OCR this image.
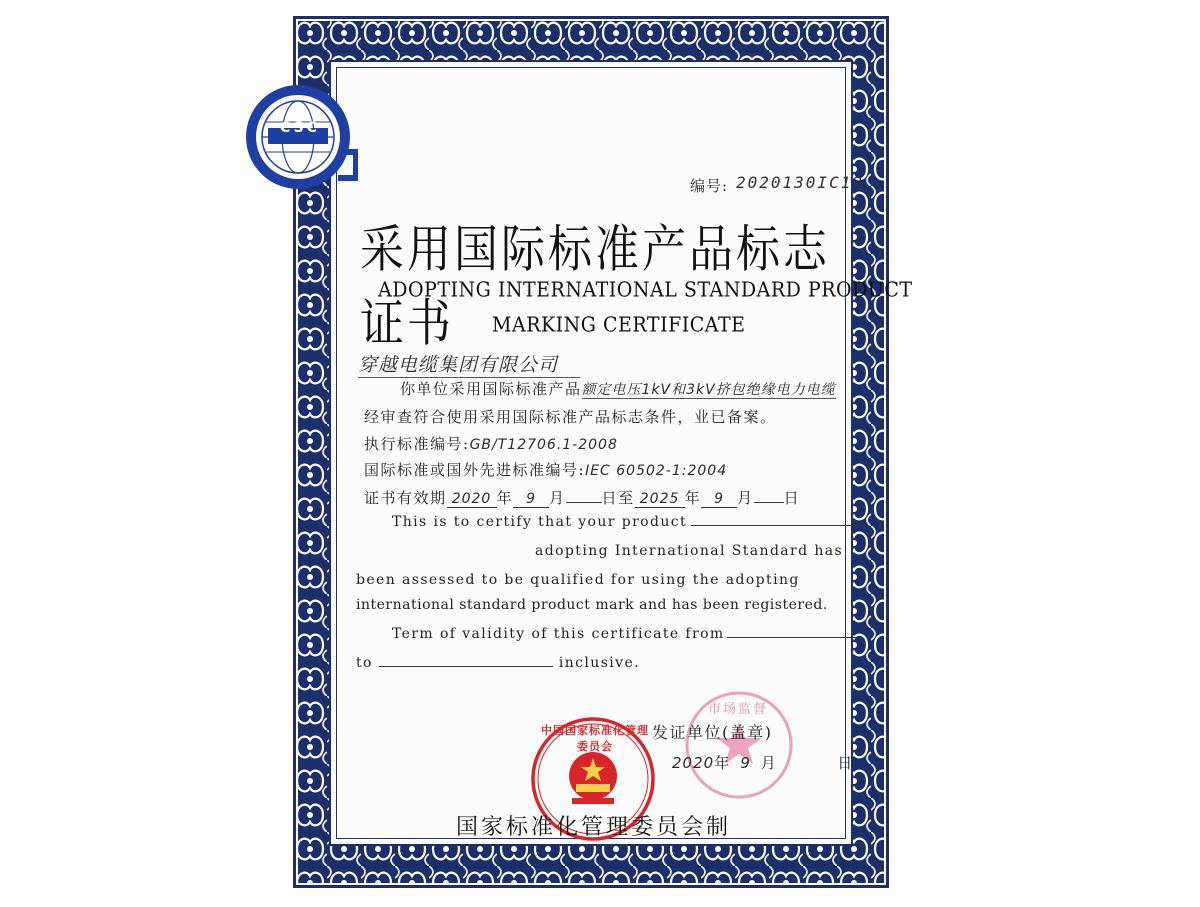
CSC
编号: 2020130IC12
采用国际标准产品标志证书
ADOPTING INTERNATIONAL STANDARD PRODUCT
MARKING CERTIFICATE
穿越电缆集团有限公司
你单位采用国际标准产品额定电压1kV和3kV挤包绝缘电力电缆
经审查符合使用采用国际标准产品标志条件，业已备案。
执行标准编号:GB/T12706.1-2008
国际标准或国外先进标准编号:IEC 60502-1:2004
证书有效期 2020 年 9 月 日至 2025 年 9 月 日
This is to certify that your product
adopting International Standard has
been assessed to be qualified for using the adopting
international standard product mark and has been registered.
Term of validity of this certificate from
to	inclusive.
中国国家标准化管理委员会
市场监督
发证单位(盖章)
2020年 9 月	日
国家标准化管理委员会制
